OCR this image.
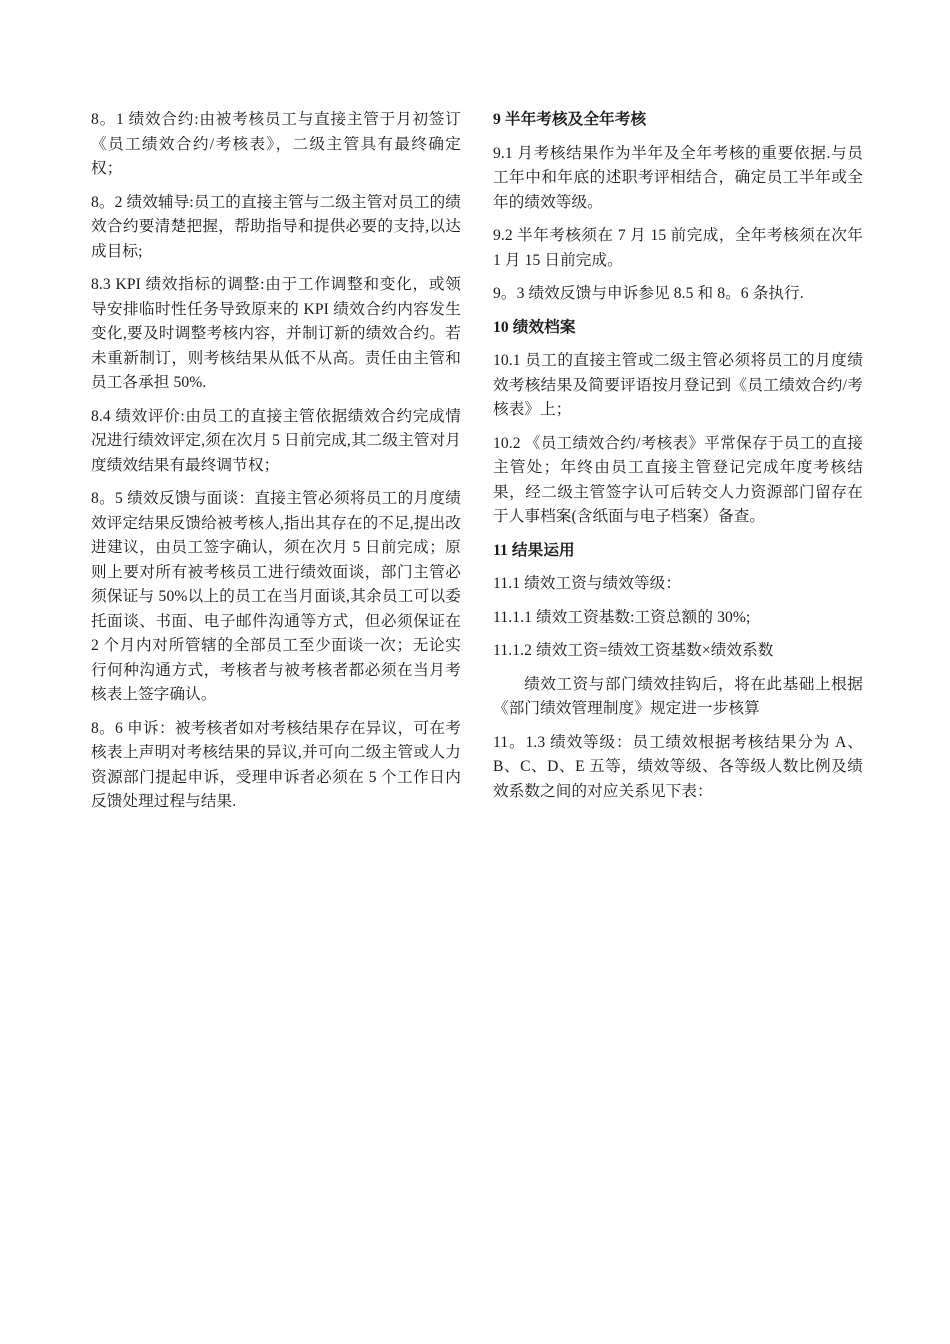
8。1 绩效合约:由被考核员工与直接主管于月初签订《员工绩效合约/考核表》，二级主管具有最终确定权；

8。2 绩效辅导:员工的直接主管与二级主管对员工的绩效合约要清楚把握，帮助指导和提供必要的支持,以达成目标;

8.3 KPI 绩效指标的调整:由于工作调整和变化，或领导安排临时性任务导致原来的 KPI 绩效合约内容发生变化,要及时调整考核内容，并制订新的绩效合约。若未重新制订，则考核结果从低不从高。责任由主管和员工各承担 50%.

8.4 绩效评价:由员工的直接主管依据绩效合约完成情况进行绩效评定,须在次月 5 日前完成,其二级主管对月度绩效结果有最终调节权；

8。5 绩效反馈与面谈：直接主管必须将员工的月度绩效评定结果反馈给被考核人,指出其存在的不足,提出改进建议，由员工签字确认，须在次月 5 日前完成；原则上要对所有被考核员工进行绩效面谈，部门主管必须保证与 50%以上的员工在当月面谈,其余员工可以委托面谈、书面、电子邮件沟通等方式，但必须保证在 2 个月内对所管辖的全部员工至少面谈一次；无论实行何种沟通方式，考核者与被考核者都必须在当月考核表上签字确认。

8。6 申诉：被考核者如对考核结果存在异议，可在考核表上声明对考核结果的异议,并可向二级主管或人力资源部门提起申诉，受理申诉者必须在 5 个工作日内反馈处理过程与结果.

9 半年考核及全年考核

9.1 月考核结果作为半年及全年考核的重要依据.与员工年中和年底的述职考评相结合，确定员工半年或全年的绩效等级。

9.2 半年考核须在 7 月 15 前完成，全年考核须在次年 1 月 15 日前完成。

9。3 绩效反馈与申诉参见 8.5 和 8。6 条执行.

10 绩效档案

10.1 员工的直接主管或二级主管必须将员工的月度绩效考核结果及简要评语按月登记到《员工绩效合约/考核表》上；

10.2 《员工绩效合约/考核表》平常保存于员工的直接主管处；年终由员工直接主管登记完成年度考核结果，经二级主管签字认可后转交人力资源部门留存在于人事档案(含纸面与电子档案）备查。

11 结果运用

11.1 绩效工资与绩效等级：

11.1.1 绩效工资基数:工资总额的 30%;

11.1.2 绩效工资=绩效工资基数×绩效系数

绩效工资与部门绩效挂钩后，将在此基础上根据《部门绩效管理制度》规定进一步核算

11。1.3 绩效等级：员工绩效根据考核结果分为 A、B、C、D、E 五等，绩效等级、各等级人数比例及绩效系数之间的对应关系见下表：
